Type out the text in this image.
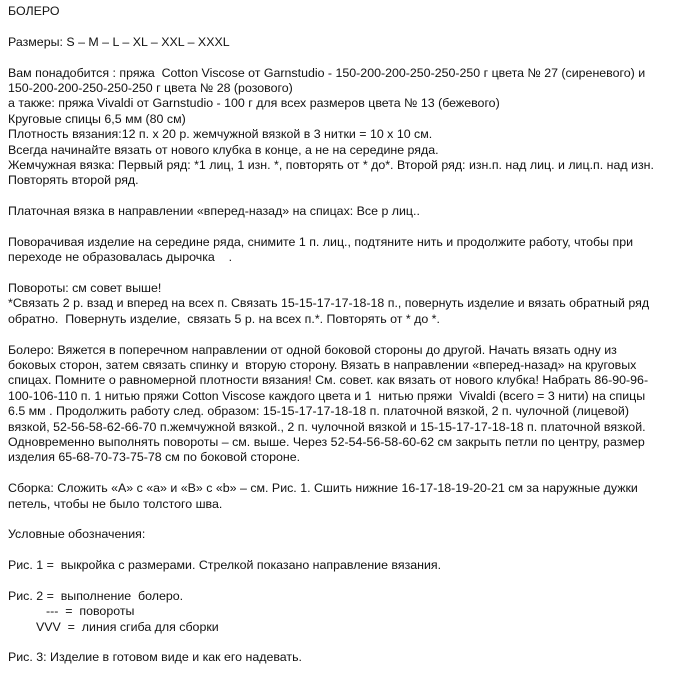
БОЛЕРО
Размеры: S – M – L – XL – XXL – XXXL
Вам понадобится : пряжа  Cotton Viscose от Garnstudio - 150-200-200-250-250-250 г цвета № 27 (сиреневого) и
150-200-200-250-250-250 г цвета № 28 (розового)
а также: пряжа Vivaldi от Garnstudio - 100 г для всех размеров цвета № 13 (бежевого)
Круговые спицы 6,5 мм (80 см)
Плотность вязания:12 п. х 20 р. жемчужной вязкой в 3 нитки = 10 х 10 см.
Всегда начинайте вязать от нового клубка в конце, а не на середине ряда.
Жемчужная вязка: Первый ряд: *1 лиц, 1 изн. *, повторять от * до*. Второй ряд: изн.п. над лиц. и лиц.п. над изн.
Повторять второй ряд.
Платочная вязка в направлении «вперед-назад» на спицах: Все р лиц..
Поворачивая изделие на середине ряда, снимите 1 п. лиц., подтяните нить и продолжите работу, чтобы при
переходе не образовалась дырочка    .
Повороты: см совет выше!
*Связать 2 р. взад и вперед на всех п. Связать 15-15-17-17-18-18 п., повернуть изделие и вязать обратный ряд
обратно.  Повернуть изделие,  связать 5 р. на всех п.*. Повторять от * до *.
Болеро: Вяжется в поперечном направлении от одной боковой стороны до другой. Начать вязать одну из
боковых сторон, затем связать спинку и  вторую сторону. Вязать в направлении «вперед-назад» на круговых
спицах. Помните о равномерной плотности вязания! См. совет. как вязать от нового клубка! Набрать 86-90-96-
100-106-110 п. 1 нитью пряжи Cotton Viscose каждого цвета и 1  нитью пряжи  Vivaldi (всего = 3 нити) на спицы
6.5 мм . Продолжить работу след. образом: 15-15-17-17-18-18 п. платочной вязкой, 2 п. чулочной (лицевой)
вязкой, 52-56-58-62-66-70 п.жемчужной вязкой., 2 п. чулочной вязкой и 15-15-17-17-18-18 п. платочной вязкой.
Одновременно выполнять повороты – см. выше. Через 52-54-56-58-60-62 см закрыть петли по центру, размер
изделия 65-68-70-73-75-78 см по боковой стороне.
Сборка: Сложить «А» с «а» и «В» с «b» – см. Рис. 1. Сшить нижние 16-17-18-19-20-21 см за наружные дужки
петель, чтобы не было толстого шва.
Условные обозначения:
Рис. 1 =  выкройка с размерами. Стрелкой показано направление вязания.
Рис. 2 =  выполнение  болеро.
---  =  повороты
VVV  =  линия сгиба для сборки
Рис. 3: Изделие в готовом виде и как его надевать.
